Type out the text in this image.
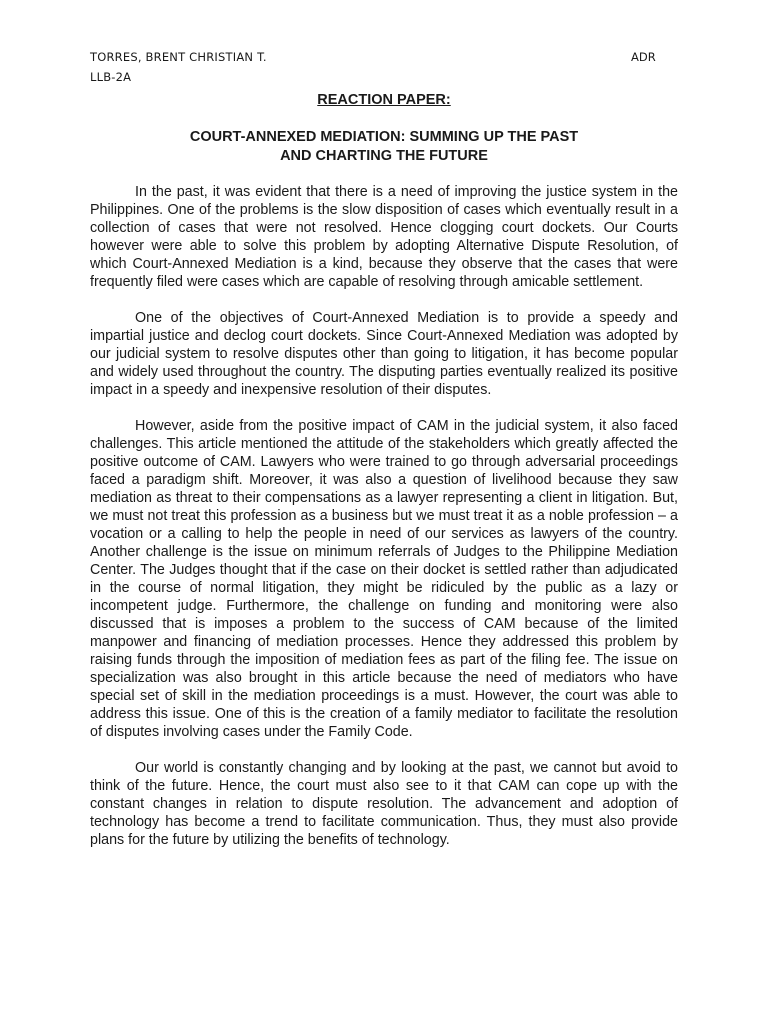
TORRES, BRENT CHRISTIAN T.
LLB-2A
ADR
REACTION PAPER:
COURT-ANNEXED MEDIATION: SUMMING UP THE PAST
AND CHARTING THE FUTURE

In the past, it was evident that there is a need of improving the justice system in the Philippines. One of the problems is the slow disposition of cases which eventually result in a collection of cases that were not resolved. Hence clogging court dockets. Our Courts however were able to solve this problem by adopting Alternative Dispute Resolution, of which Court-Annexed Mediation is a kind, because they observe that the cases that were frequently filed were cases which are capable of resolving through amicable settlement.

One of the objectives of Court-Annexed Mediation is to provide a speedy and impartial justice and declog court dockets. Since Court-Annexed Mediation was adopted by our judicial system to resolve disputes other than going to litigation, it has become popular and widely used throughout the country. The disputing parties eventually realized its positive impact in a speedy and inexpensive resolution of their disputes.

However, aside from the positive impact of CAM in the judicial system, it also faced challenges. This article mentioned the attitude of the stakeholders which greatly affected the positive outcome of CAM. Lawyers who were trained to go through adversarial proceedings faced a paradigm shift. Moreover, it was also a question of livelihood because they saw mediation as threat to their compensations as a lawyer representing a client in litigation. But, we must not treat this profession as a business but we must treat it as a noble profession – a vocation or a calling to help the people in need of our services as lawyers of the country. Another challenge is the issue on minimum referrals of Judges to the Philippine Mediation Center. The Judges thought that if the case on their docket is settled rather than adjudicated in the course of normal litigation, they might be ridiculed by the public as a lazy or incompetent judge. Furthermore, the challenge on funding and monitoring were also discussed that is imposes a problem to the success of CAM because of the limited manpower and financing of mediation processes. Hence they addressed this problem by raising funds through the imposition of mediation fees as part of the filing fee. The issue on specialization was also brought in this article because the need of mediators who have special set of skill in the mediation proceedings is a must. However, the court was able to address this issue. One of this is the creation of a family mediator to facilitate the resolution of disputes involving cases under the Family Code.

Our world is constantly changing and by looking at the past, we cannot but avoid to think of the future. Hence, the court must also see to it that CAM can cope up with the constant changes in relation to dispute resolution. The advancement and adoption of technology has become a trend to facilitate communication. Thus, they must also provide plans for the future by utilizing the benefits of technology.
